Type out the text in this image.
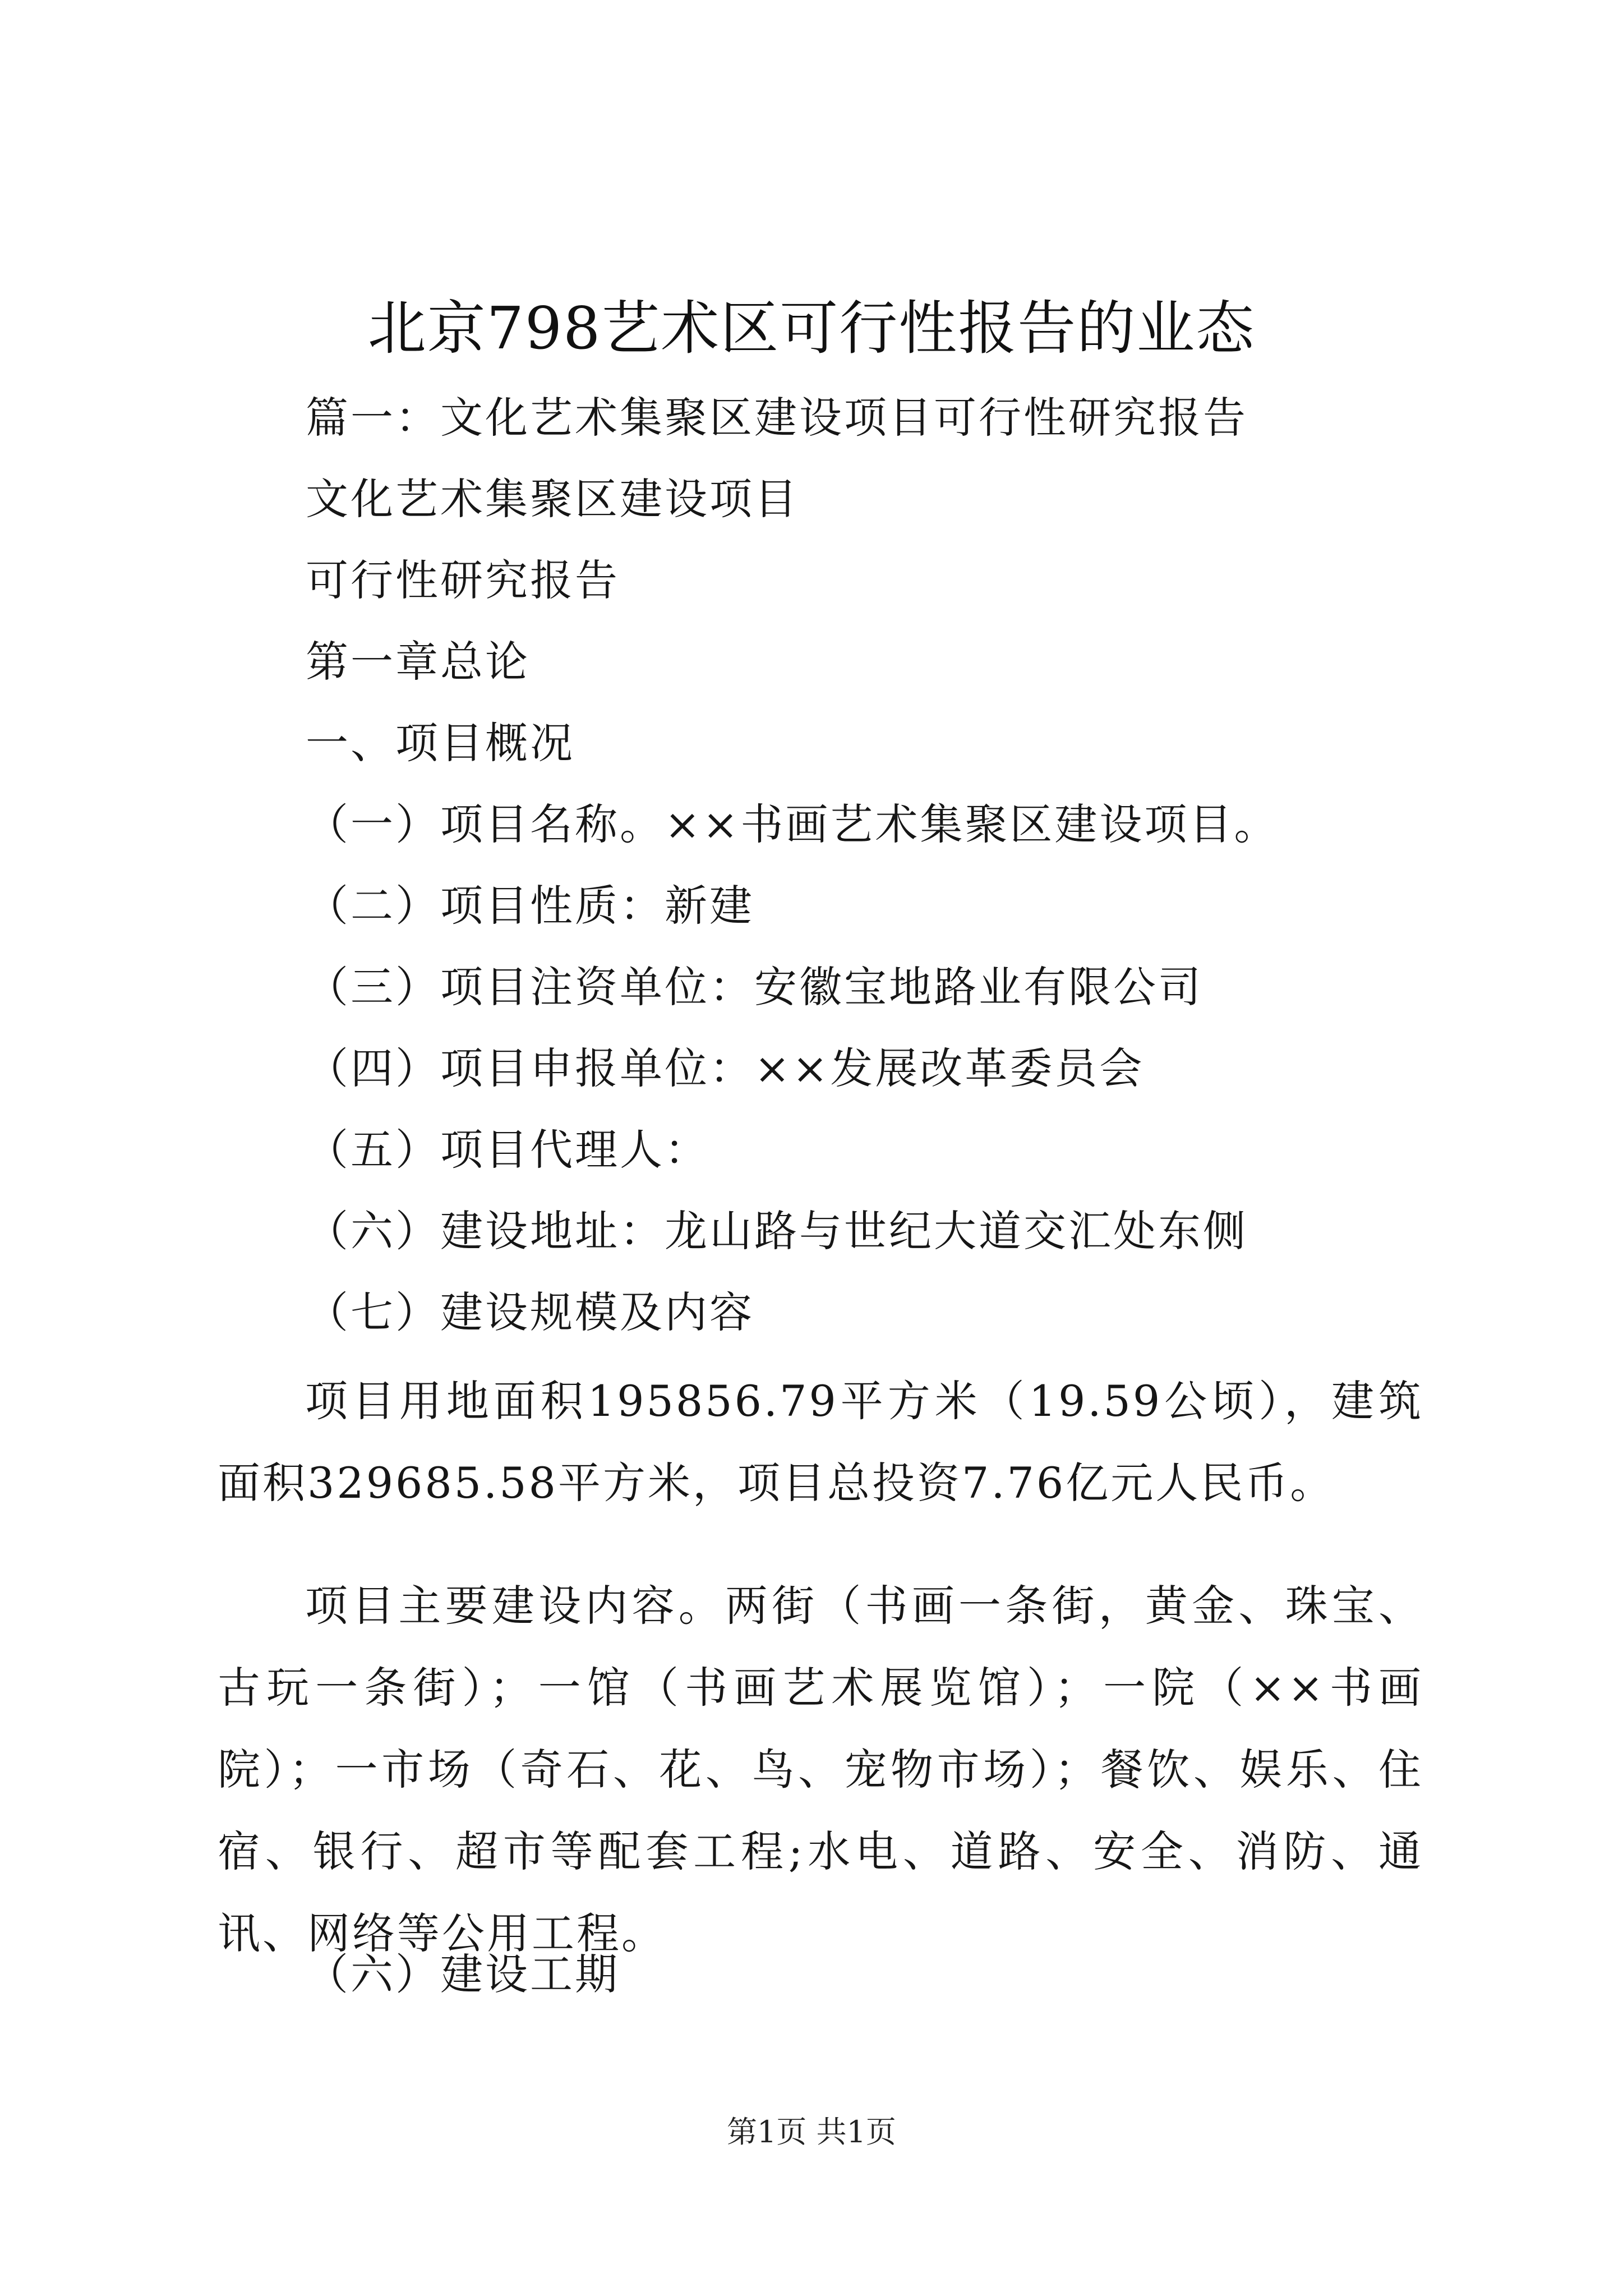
北京798艺术区可行性报告的业态
篇一：文化艺术集聚区建设项目可行性研究报告
文化艺术集聚区建设项目
可行性研究报告
第一章总论
一、项目概况
（一）项目名称。××书画艺术集聚区建设项目。
（二）项目性质：新建
（三）项目注资单位：安徽宝地路业有限公司
（四）项目申报单位：××发展改革委员会
（五）项目代理人：
（六）建设地址：龙山路与世纪大道交汇处东侧
（七）建设规模及内容
项目用地面积195856.79平方米（19.59公顷），建筑面积329685.58平方米，项目总投资7.76亿元人民币。
项目主要建设内容。两街（书画一条街，黄金、珠宝、古玩一条街）；一馆（书画艺术展览馆）；一院（××书画院）；一市场（奇石、花、鸟、宠物市场）；餐饮、娱乐、住宿、银行、超市等配套工程;水电、道路、安全、消防、通讯、网络等公用工程。
（六）建设工期
第1页 共1页
